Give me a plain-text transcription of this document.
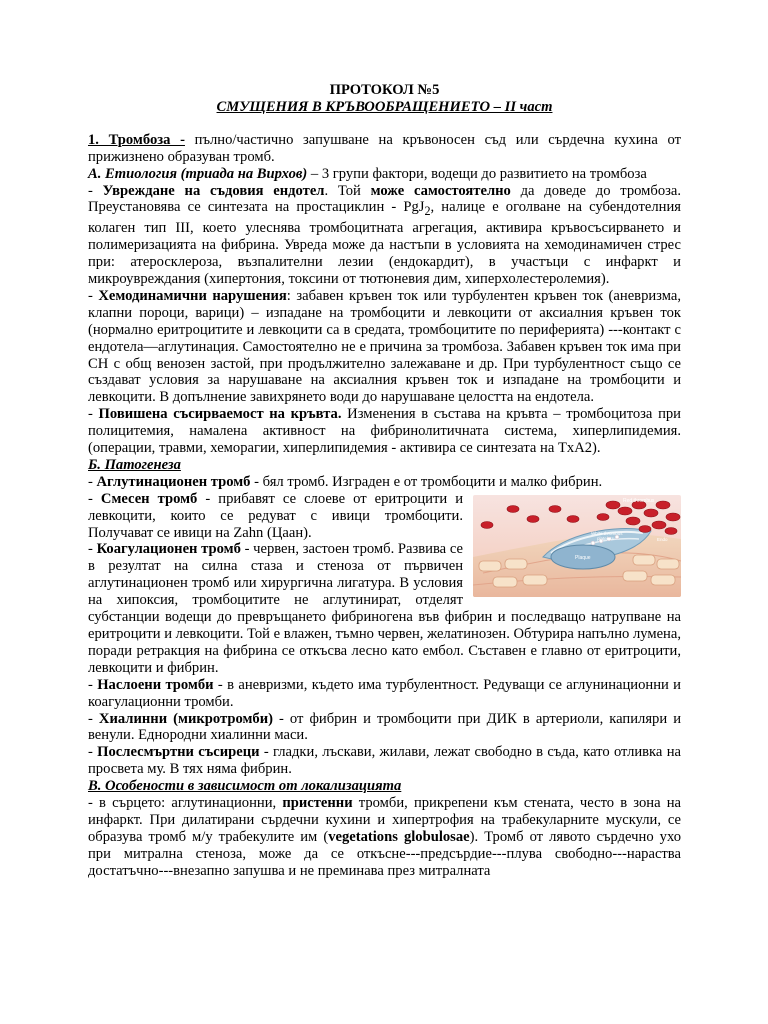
ПРОТОКОЛ №5

СМУЩЕНИЯ В КРЪВООБРАЩЕНИЕТО – II част

1. Тромбоза - пълно/частично запушване на кръвоносен съд или сърдечна кухина от прижизнено образуван тромб.

А. Етиология (триада на Вирхов) – 3 групи фактори, водещи до развитието на тромбоза

- Увреждане на съдовия ендотел. Той може самостоятелно да доведе до тромбоза. Преустановява се синтезата на простациклин - PgJ$_2$, налице е оголване на субендотелния колаген тип III, което улеснява тромбоцитната агрегация, активира кръвосъсирването и полимеризацията на фибрина. Увреда може да настъпи в условията на хемодинамичен стрес при: атеросклероза, възпалителни лезии (ендокардит), в участъци с инфаркт и микроувреждания (хипертония, токсини от тютюневия дим, хиперхолестеролемия).

- Хемодинамични нарушения: забавен кръвен ток или турбулентен кръвен ток (аневризма, клапни пороци, варици) – изпадане на тромбоцити и левкоцити от аксиалния кръвен ток (нормално еритроцитите и левкоцити са в средата, тромбоцитите по периферията) ---контакт с ендотела—аглутинация. Самостоятелно не е причина за тромбоза. Забавен кръвен ток има при СН с общ венозен застой, при продължително залежаване и др. При турбулентност също се създават условия за нарушаване на аксиалния кръвен ток и изпадане на тромбоцити и левкоцити. В допълнение завихрянето води до нарушаване целостта на ендотела.

- Повишена съсирваемост на кръвта. Изменения в състава на кръвта – тромбоцитоза при полицитемия, намалена активност на фибринолитичната система, хиперлипидемия. (операции, травми, хеморагии, хиперлипидемия - активира се синтезата на TxA2).

Б. Патогенеза

- Аглутинационен тромб - бял тромб. Изграден е от тромбоцити и малко фибрин.

Red thrombus
White thrombus
platelets
Plaque
Endo

- Смесен тромб - прибавят се слоеве от еритроцити и левкоцити, които се редуват с ивици тромбоцити. Получават се ивици на Zahn (Цаан).

- Коагулационен тромб - червен, застоен тромб. Развива се в резултат на силна стаза и стеноза от първичен аглутинационен тромб или хирургична лигатура. В условия на хипоксия, тромбоцитите не аглутинират, отделят субстанции водещи до превръщането фибриногена във фибрин и последващо натрупване на еритроцити и левкоцити. Той е влажен, тъмно червен, желатинозен. Обтурира напълно лумена, поради ретракция на фибрина се откъсва лесно като ембол. Съставен е главно от еритроцити, левкоцити и фибрин.

- Наслоени тромби - в аневризми, където има турбулентност. Редуващи се аглунинационни и коагулационни тромби.

- Хиалинни (микротромби) - от фибрин и тромбоцити при ДИК в артериоли, капиляри и венули. Еднородни хиалинни маси.

- Послесмъртни съсиреци - гладки, лъскави, жилави, лежат свободно в съда, като отливка на просвета му. В тях няма фибрин.

В. Особености в зависимост от локализацията

- в сърцето: аглутинационни, пристенни тромби, прикрепени към стената, често в зона на инфаркт. При дилатирани сърдечни кухини и хипертрофия на трабекуларните мускули, се образува тромб м/у трабекулите им (vegetations globulosae). Тромб от лявото сърдечно ухо при митрална стеноза, може да се откъсне---предсърдие---плува свободно---нараства достатъчно---внезапно запушва и не преминава през митралната
